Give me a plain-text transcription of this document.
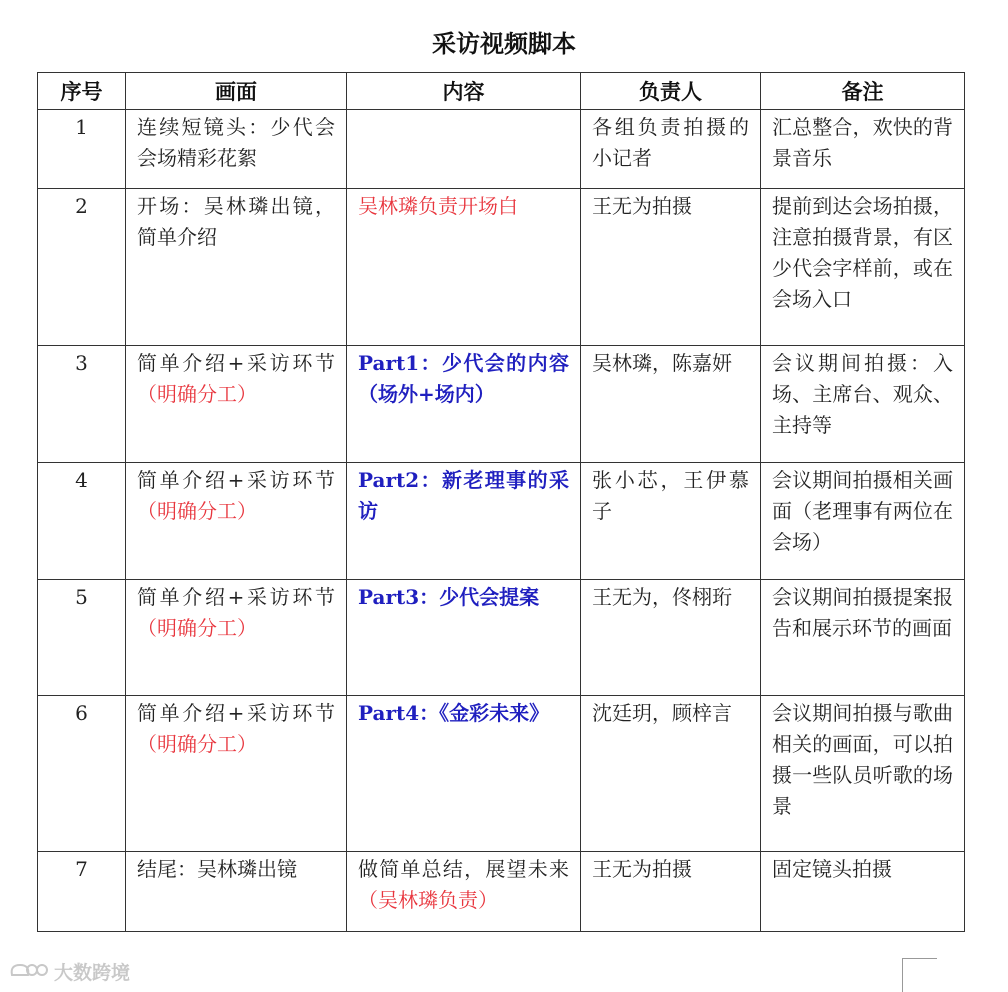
采访视频脚本
序号	画面	内容	负责人	备注
1	连续短镜头：少代会会场精彩花絮		各组负责拍摄的小记者	汇总整合，欢快的背景音乐
2	开场：吴林璘出镜，简单介绍	吴林璘负责开场白	王无为拍摄	提前到达会场拍摄，注意拍摄背景，有区少代会字样前，或在会场入口
3	简单介绍+采访环节（明确分工）	Part1：少代会的内容（场外+场内）	吴林璘，陈嘉妍	会议期间拍摄：入场、主席台、观众、主持等
4	简单介绍+采访环节（明确分工）	Part2：新老理事的采访	张小芯，王伊慕子	会议期间拍摄相关画面（老理事有两位在会场）
5	简单介绍+采访环节（明确分工）	Part3：少代会提案	王无为，佟栩珩	会议期间拍摄提案报告和展示环节的画面
6	简单介绍+采访环节（明确分工）	Part4：《金彩未来》	沈廷玥，顾梓言	会议期间拍摄与歌曲相关的画面，可以拍摄一些队员听歌的场景
7	结尾：吴林璘出镜	做简单总结，展望未来（吴林璘负责）	王无为拍摄	固定镜头拍摄
大数跨境
